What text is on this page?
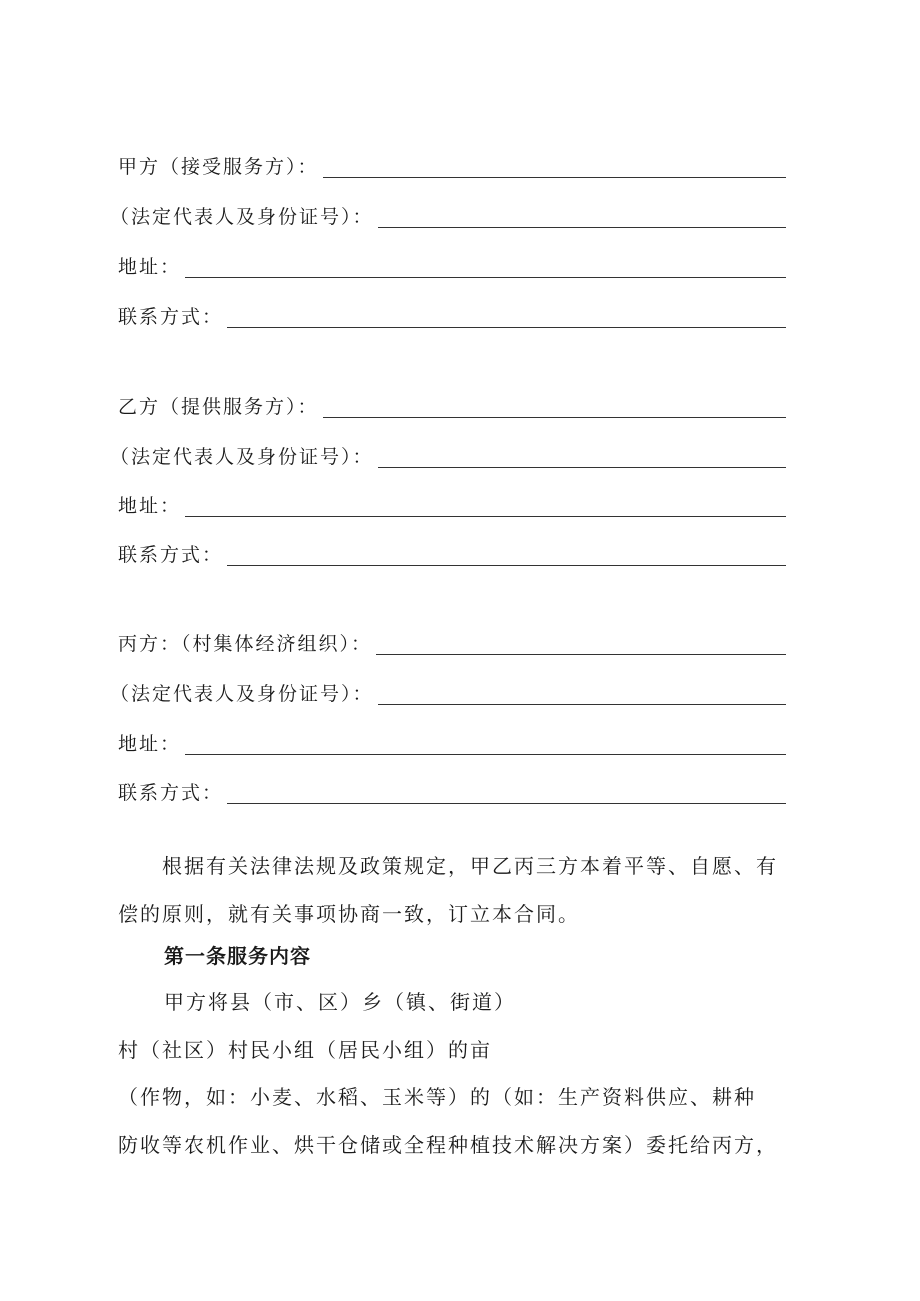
甲方（接受服务方）：
（法定代表人及身份证号）：
地址：
联系方式：
乙方（提供服务方）：
（法定代表人及身份证号）：
地址：
联系方式：
丙方：（村集体经济组织）：
（法定代表人及身份证号）：
地址：
联系方式：
根据有关法律法规及政策规定，甲乙丙三方本着平等、自愿、有
偿的原则，就有关事项协商一致，订立本合同。
第一条服务内容
甲方将县（市、区）乡（镇、街道）
村（社区）村民小组（居民小组）的亩
（作物，如：小麦、水稻、玉米等）的（如：生产资料供应、耕种
防收等农机作业、烘干仓储或全程种植技术解决方案）委托给丙方，
